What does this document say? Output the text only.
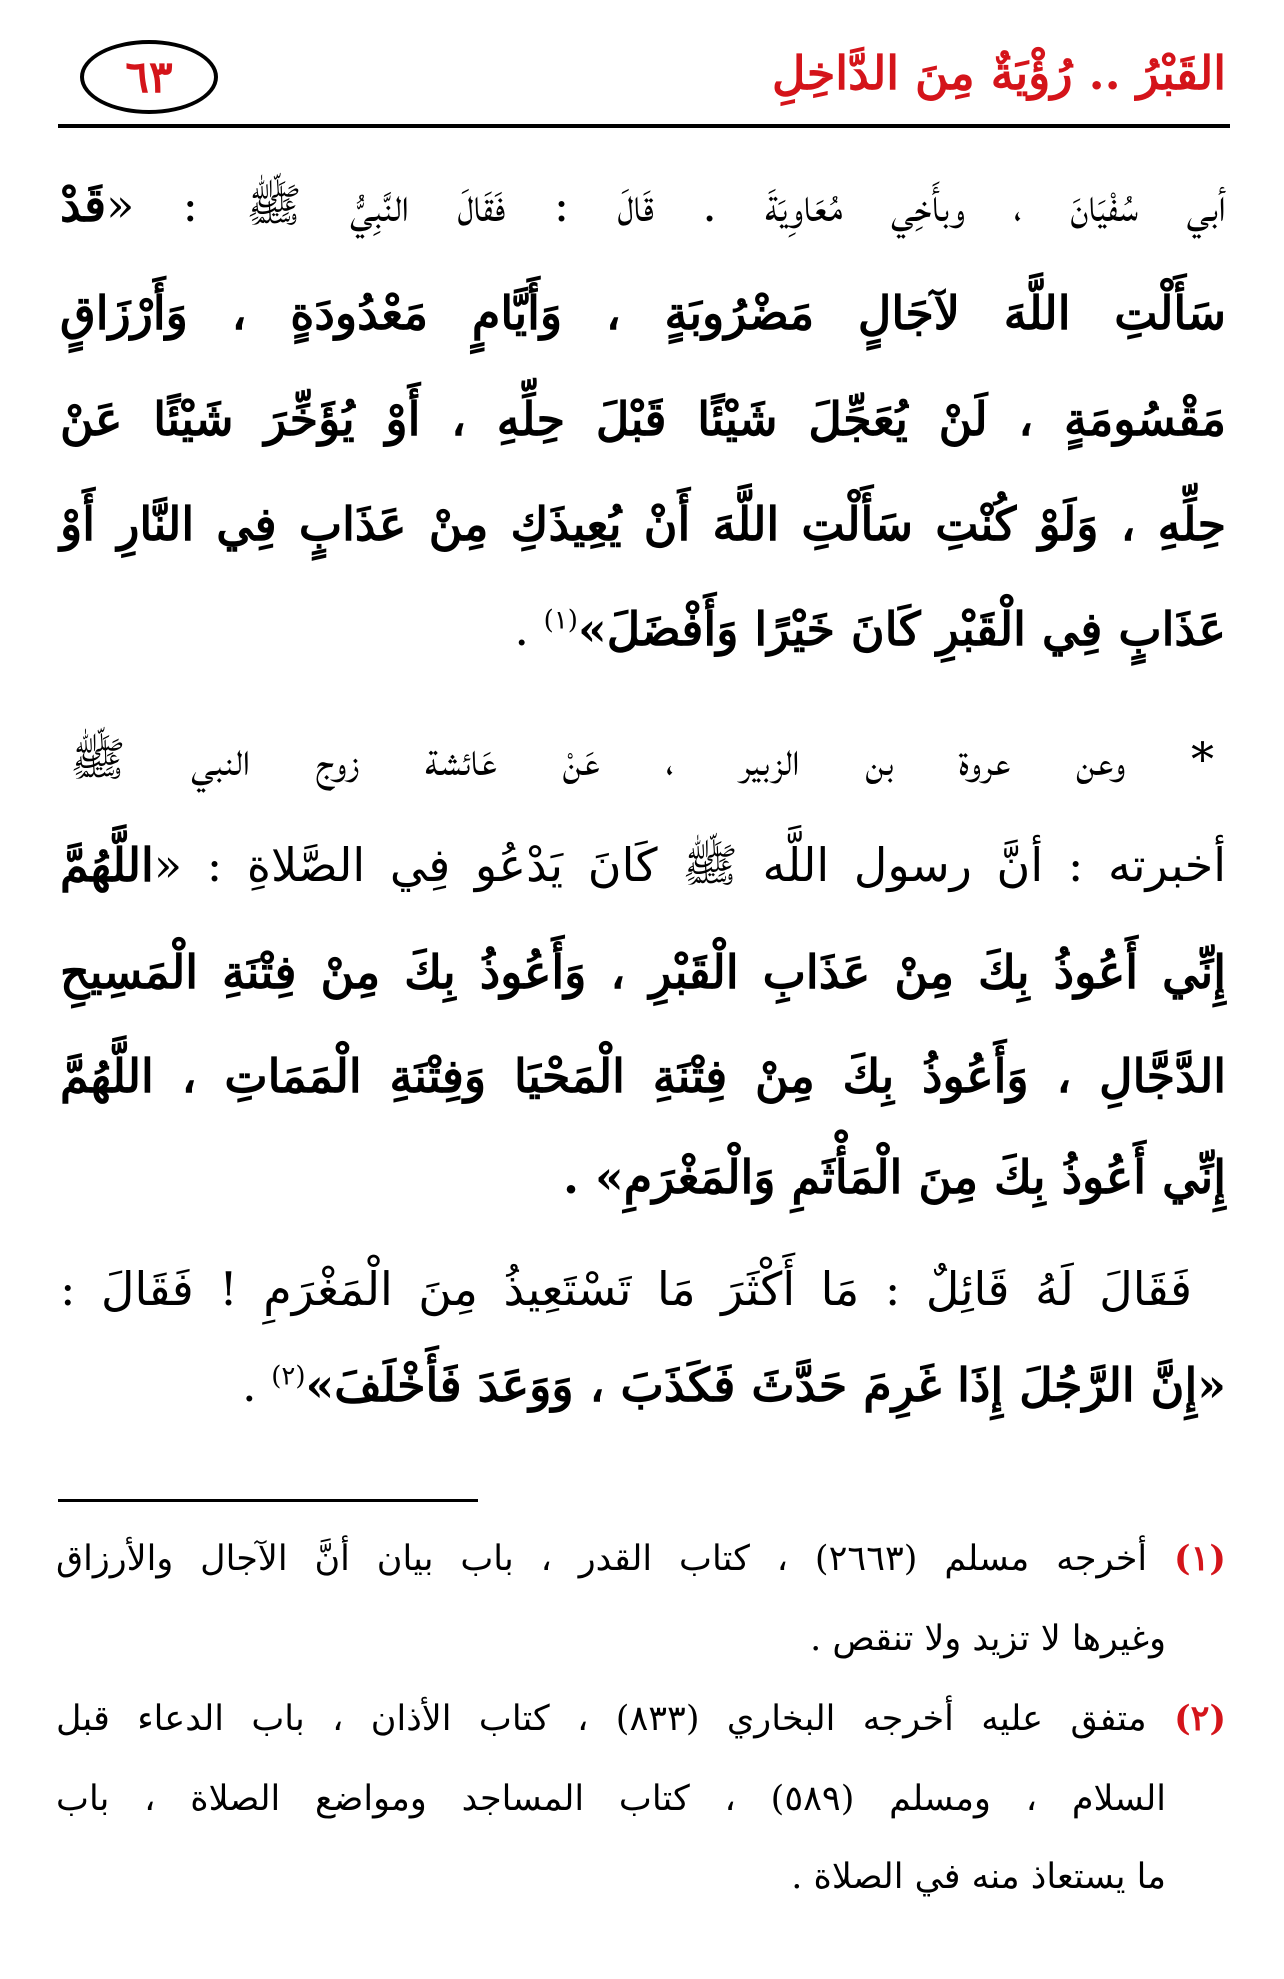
القَبْرُ .. رُؤْيَةٌ مِنَ الدَّاخِلِ
٦٣
أبي سُفْيَانَ ، وبأَخِي مُعَاوِيَةَ . قَالَ : فَقَالَ النَّبِيُّ ﷺ : «قَدْ
سَأَلْتِ اللَّهَ لآجَالٍ مَضْرُوبَةٍ ، وَأَيَّامٍ مَعْدُودَةٍ ، وَأَرْزَاقٍ
مَقْسُومَةٍ ، لَنْ يُعَجِّلَ شَيْئًا قَبْلَ حِلِّهِ ، أَوْ يُؤَخِّرَ شَيْئًا عَنْ
حِلِّهِ ، وَلَوْ كُنْتِ سَأَلْتِ اللَّهَ أَنْ يُعِيذَكِ مِنْ عَذَابٍ فِي النَّارِ أَوْ
عَذَابٍ فِي الْقَبْرِ كَانَ خَيْرًا وَأَفْضَلَ»$^{(١)}$ .
* وعن عروة بن الزبير ، عَنْ عَائشة زوج النبي ﷺ
أخبرته : أنَّ رسول اللَّه ﷺ كَانَ يَدْعُو فِي الصَّلاةِ : «اللَّهُمَّ
إِنِّي أَعُوذُ بِكَ مِنْ عَذَابِ الْقَبْرِ ، وَأَعُوذُ بِكَ مِنْ فِتْنَةِ الْمَسِيحِ
الدَّجَّالِ ، وَأَعُوذُ بِكَ مِنْ فِتْنَةِ الْمَحْيَا وَفِتْنَةِ الْمَمَاتِ ، اللَّهُمَّ
إِنِّي أَعُوذُ بِكَ مِنَ الْمَأْثَمِ وَالْمَغْرَمِ» .
فَقَالَ لَهُ قَائِلٌ : مَا أَكْثَرَ مَا تَسْتَعِيذُ مِنَ الْمَغْرَمِ ! فَقَالَ :
«إِنَّ الرَّجُلَ إِذَا غَرِمَ حَدَّثَ فَكَذَبَ ، وَوَعَدَ فَأَخْلَفَ»$^{(٢)}$ .
(١) أخرجه مسلم (٢٦٦٣) ، كتاب القدر ، باب بيان أنَّ الآجال والأرزاق
وغيرها لا تزيد ولا تنقص .
(٢) متفق عليه أخرجه البخاري (٨٣٣) ، كتاب الأذان ، باب الدعاء قبل
السلام ، ومسلم (٥٨٩) ، كتاب المساجد ومواضع الصلاة ، باب
ما يستعاذ منه في الصلاة .
